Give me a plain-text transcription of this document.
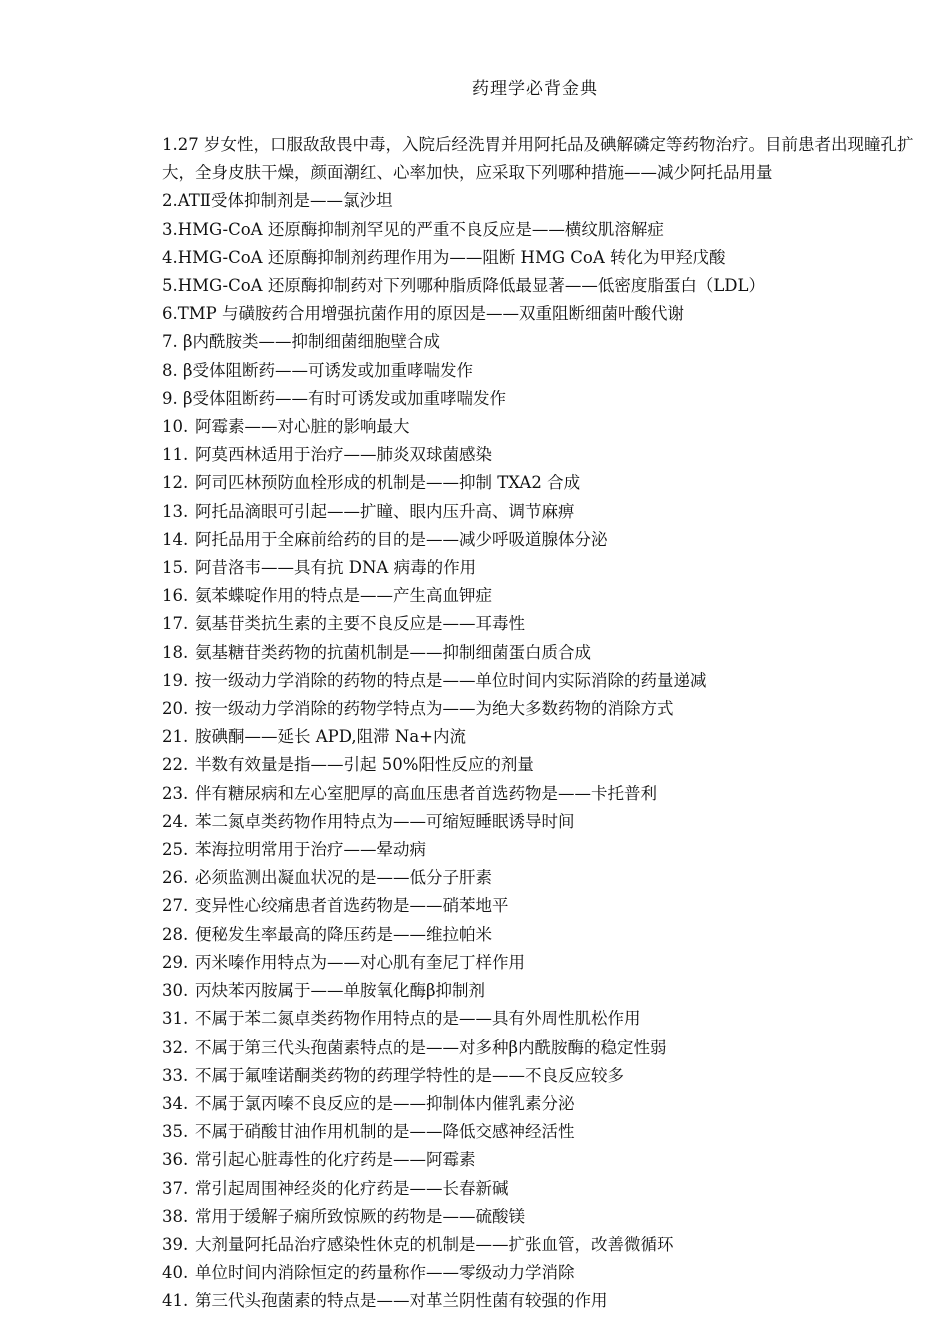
药理学必背金典
1.27 岁女性，口服敌敌畏中毒，入院后经洗胃并用阿托品及碘解磷定等药物治疗。目前患者出现瞳孔扩大，全身皮肤干燥，颜面潮红、心率加快，应采取下列哪种措施——减少阿托品用量
2.ATⅡ受体抑制剂是——氯沙坦
3.HMG-CoA 还原酶抑制剂罕见的严重不良反应是——横纹肌溶解症
4.HMG-CoA 还原酶抑制剂药理作用为——阻断 HMG CoA 转化为甲羟戊酸
5.HMG-CoA 还原酶抑制药对下列哪种脂质降低最显著——低密度脂蛋白（LDL）
6.TMP 与磺胺药合用增强抗菌作用的原因是——双重阻断细菌叶酸代谢
7. β内酰胺类——抑制细菌细胞壁合成
8. β受体阻断药——可诱发或加重哮喘发作
9. β受体阻断药——有时可诱发或加重哮喘发作
10.阿霉素——对心脏的影响最大
11.阿莫西林适用于治疗——肺炎双球菌感染
12.阿司匹林预防血栓形成的机制是——抑制 TXA2 合成
13.阿托品滴眼可引起——扩瞳、眼内压升高、调节麻痹
14.阿托品用于全麻前给药的目的是——减少呼吸道腺体分泌
15.阿昔洛韦——具有抗 DNA 病毒的作用
16.氨苯蝶啶作用的特点是——产生高血钾症
17.氨基苷类抗生素的主要不良反应是——耳毒性
18.氨基糖苷类药物的抗菌机制是——抑制细菌蛋白质合成
19.按一级动力学消除的药物的特点是——单位时间内实际消除的药量递减
20.按一级动力学消除的药物学特点为——为绝大多数药物的消除方式
21.胺碘酮——延长 APD,阻滞 Na+内流
22.半数有效量是指——引起 50%阳性反应的剂量
23.伴有糖尿病和左心室肥厚的高血压患者首选药物是——卡托普利
24.苯二氮卓类药物作用特点为——可缩短睡眠诱导时间
25.苯海拉明常用于治疗——晕动病
26.必须监测出凝血状况的是——低分子肝素
27.变异性心绞痛患者首选药物是——硝苯地平
28.便秘发生率最高的降压药是——维拉帕米
29.丙米嗪作用特点为——对心肌有奎尼丁样作用
30.丙炔苯丙胺属于——单胺氧化酶β抑制剂
31.不属于苯二氮卓类药物作用特点的是——具有外周性肌松作用
32.不属于第三代头孢菌素特点的是——对多种β内酰胺酶的稳定性弱
33.不属于氟喹诺酮类药物的药理学特性的是——不良反应较多
34.不属于氯丙嗪不良反应的是——抑制体内催乳素分泌
35.不属于硝酸甘油作用机制的是——降低交感神经活性
36.常引起心脏毒性的化疗药是——阿霉素
37.常引起周围神经炎的化疗药是——长春新碱
38.常用于缓解子痫所致惊厥的药物是——硫酸镁
39.大剂量阿托品治疗感染性休克的机制是——扩张血管，改善微循环
40.单位时间内消除恒定的药量称作——零级动力学消除
41.第三代头孢菌素的特点是——对革兰阴性菌有较强的作用
